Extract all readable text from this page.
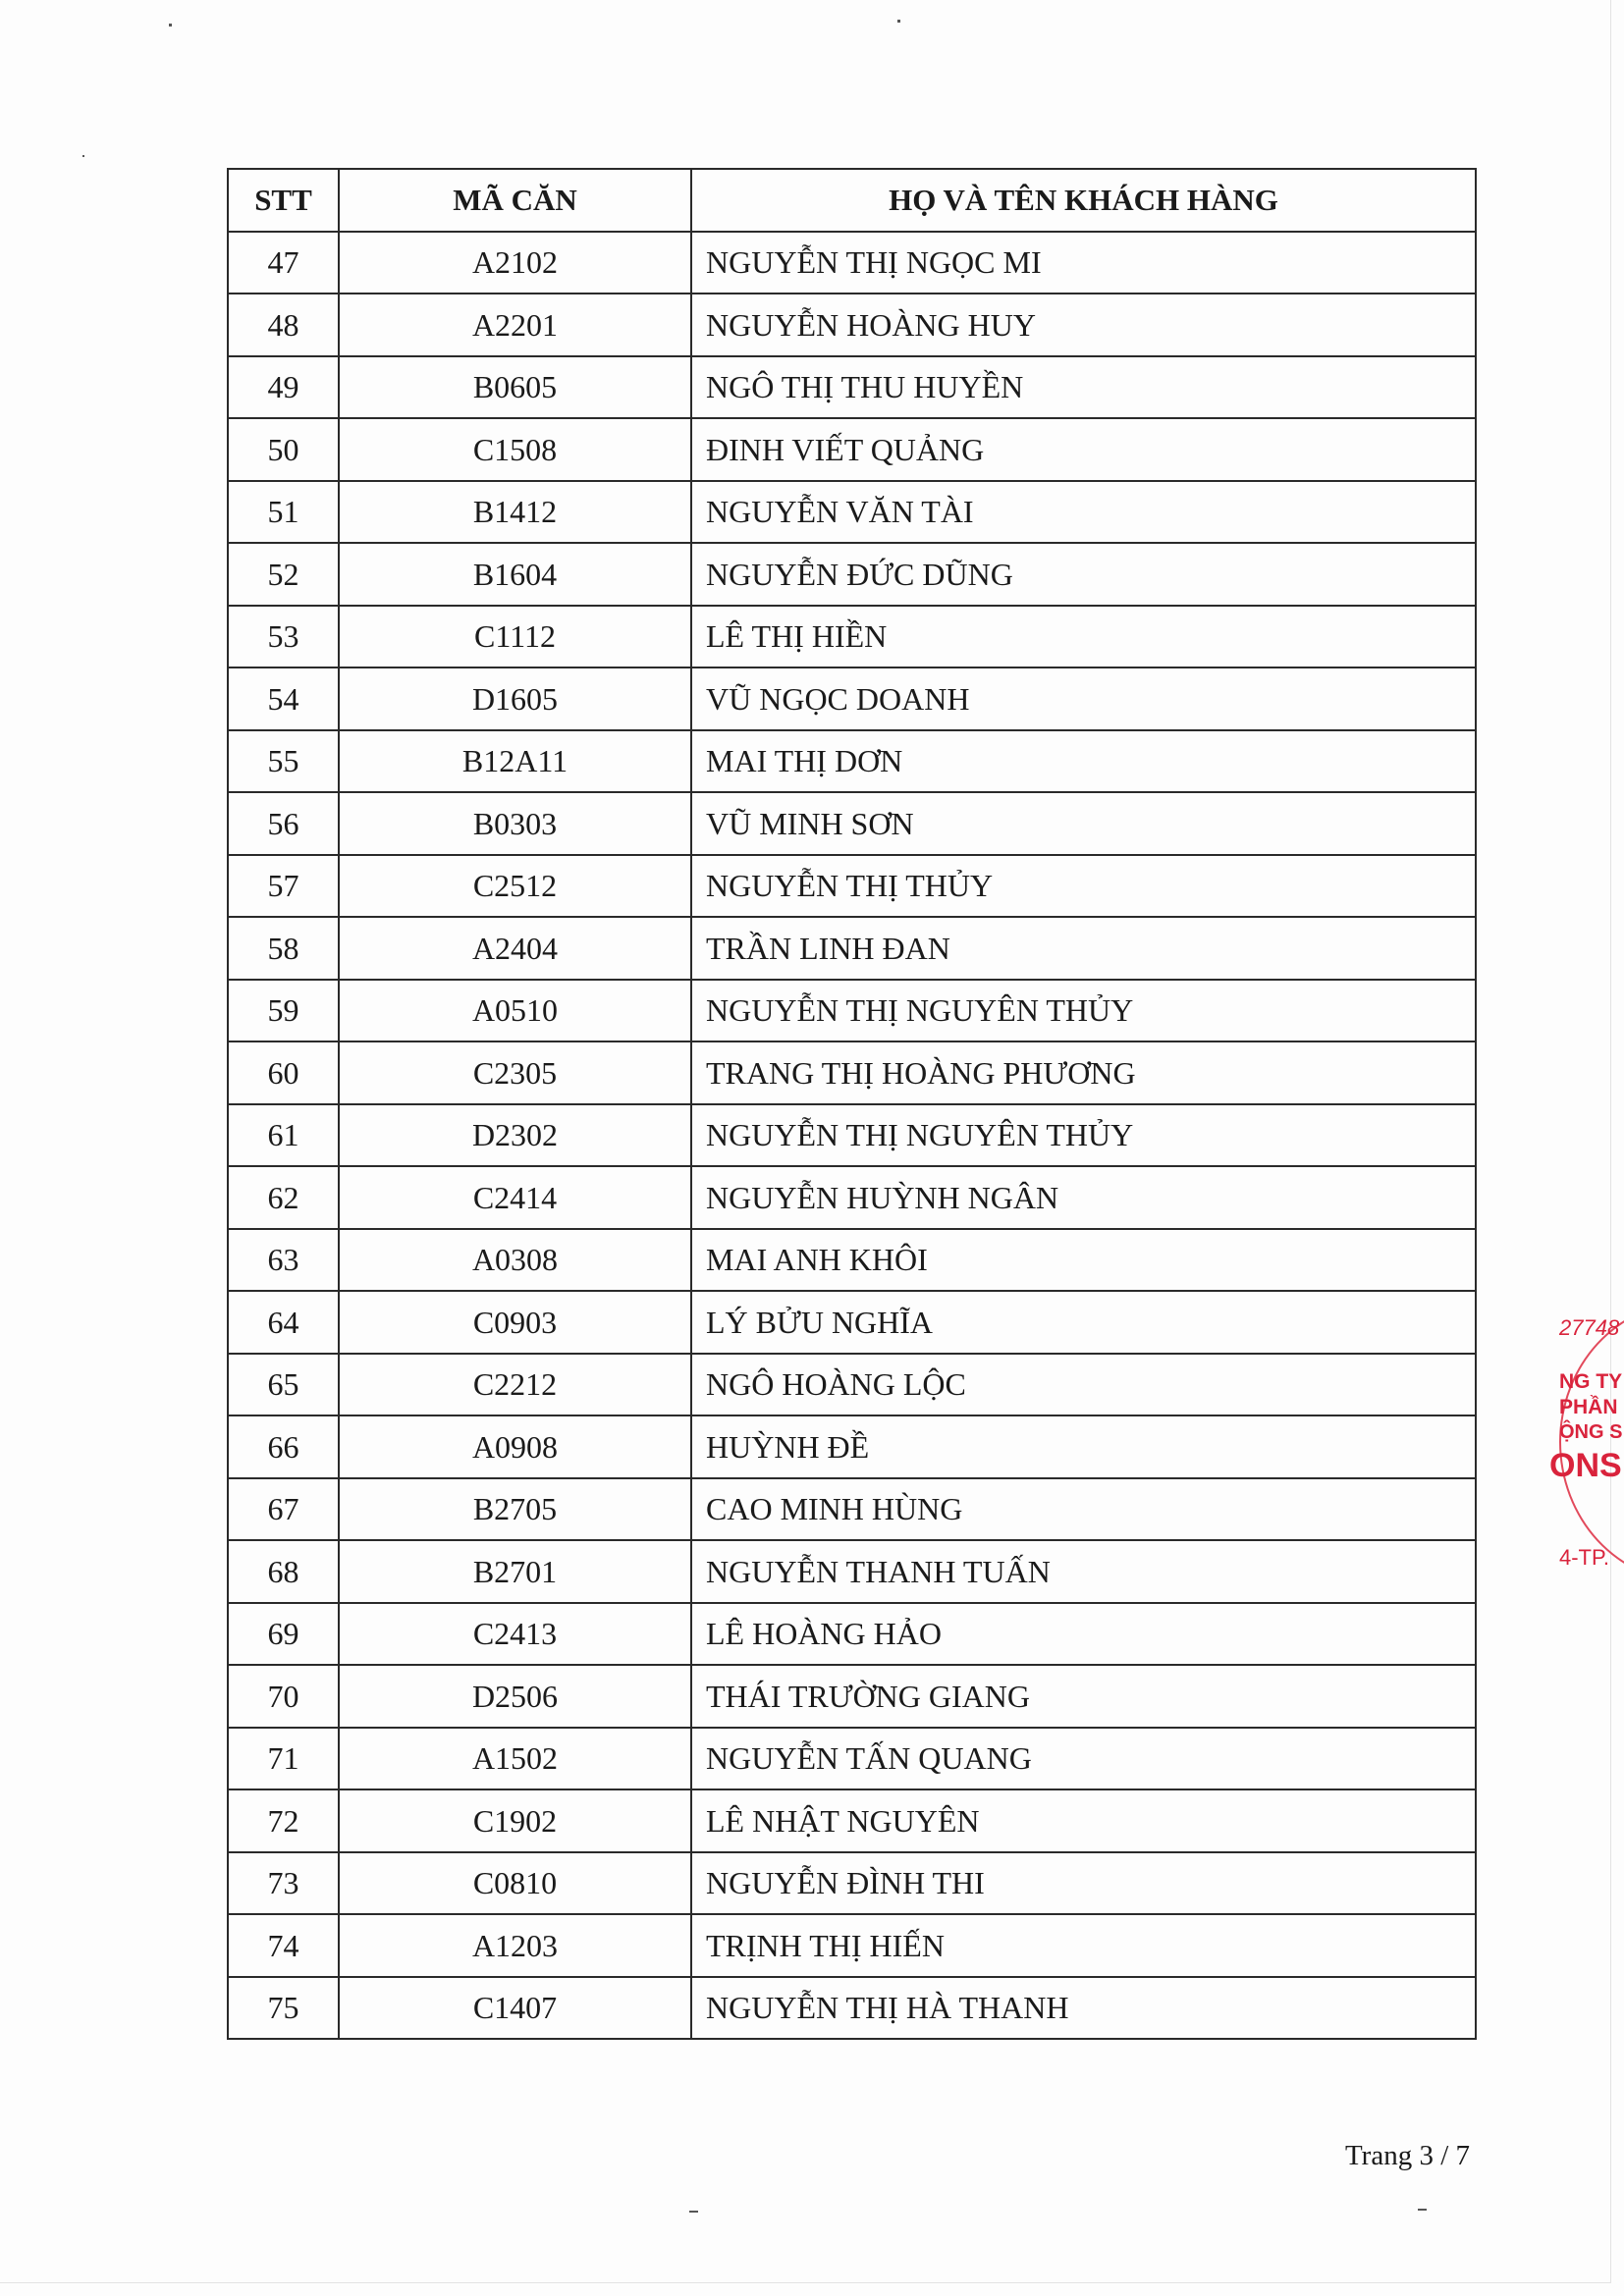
STT	MÃ CĂN	HỌ VÀ TÊN KHÁCH HÀNG
47	A2102	NGUYỄN THỊ NGỌC MI
48	A2201	NGUYỄN HOÀNG HUY
49	B0605	NGÔ THỊ THU HUYỀN
50	C1508	ĐINH VIẾT QUẢNG
51	B1412	NGUYỄN VĂN TÀI
52	B1604	NGUYỄN ĐỨC DŨNG
53	C1112	LÊ THỊ HIỀN
54	D1605	VŨ NGỌC DOANH
55	B12A11	MAI THỊ DƠN
56	B0303	VŨ MINH SƠN
57	C2512	NGUYỄN THỊ THỦY
58	A2404	TRẦN LINH ĐAN
59	A0510	NGUYỄN THỊ NGUYÊN THỦY
60	C2305	TRANG THỊ HOÀNG PHƯƠNG
61	D2302	NGUYỄN THỊ NGUYÊN THỦY
62	C2414	NGUYỄN HUỲNH NGÂN
63	A0308	MAI ANH KHÔI
64	C0903	LÝ BỬU NGHĨA
65	C2212	NGÔ HOÀNG LỘC
66	A0908	HUỲNH ĐỀ
67	B2705	CAO MINH HÙNG
68	B2701	NGUYỄN THANH TUẤN
69	C2413	LÊ HOÀNG HẢO
70	D2506	THÁI TRƯỜNG GIANG
71	A1502	NGUYỄN TẤN QUANG
72	C1902	LÊ NHẬT NGUYÊN
73	C0810	NGUYỄN ĐÌNH THI
74	A1203	TRỊNH THỊ HIẾN
75	C1407	NGUYỄN THỊ HÀ THANH
Trang 3 / 7
27748
NG TY
PHẦN
ỘNG S
ONS
4-TP.
